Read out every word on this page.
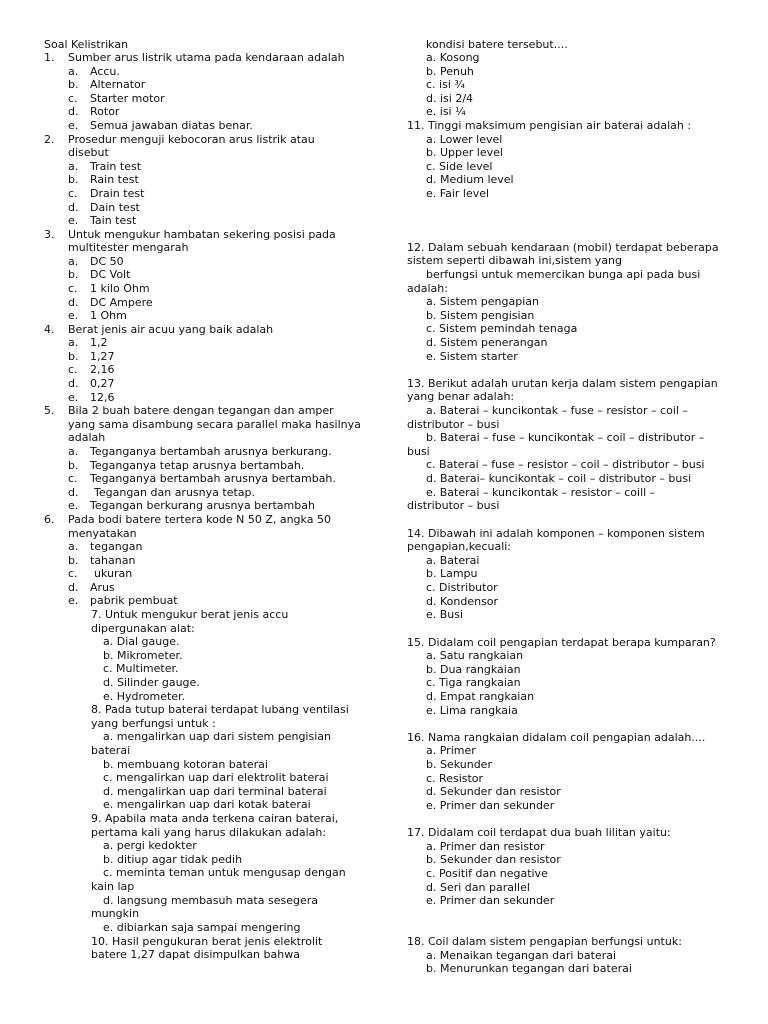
Soal Kelistrikan
1. Sumber arus listrik utama pada kendaraan adalah
a. Accu.
b. Alternator
c. Starter motor
d. Rotor
e. Semua jawaban diatas benar.
2. Prosedur menguji kebocoran arus listrik atau
disebut
a. Train test
b. Rain test
c. Drain test
d. Dain test
e. Tain test
3. Untuk mengukur hambatan sekering posisi pada
multitester mengarah
a. DC 50
b. DC Volt
c. 1 kilo Ohm
d. DC Ampere
e. 1 Ohm
4. Berat jenis air acuu yang baik adalah
a. 1,2
b. 1,27
c. 2,16
d. 0,27
e. 12,6
5. Bila 2 buah batere dengan tegangan dan amper
yang sama disambung secara parallel maka hasilnya
adalah
a. Teganganya bertambah arusnya berkurang.
b. Teganganya tetap arusnya bertambah.
c. Teganganya bertambah arusnya bertambah.
d. Tegangan dan arusnya tetap.
e. Tegangan berkurang arusnya bertambah
6. Pada bodi batere tertera kode N 50 Z, angka 50
menyatakan
a. tegangan
b. tahanan
c. ukuran
d. Arus
e. pabrik pembuat
7. Untuk mengukur berat jenis accu
dipergunakan alat:
a. Dial gauge.
b. Mikrometer.
c. Multimeter.
d. Silinder gauge.
e. Hydrometer.
8. Pada tutup baterai terdapat lubang ventilasi
yang berfungsi untuk :
a. mengalirkan uap dari sistem pengisian
baterai
b. membuang kotoran baterai
c. mengalirkan uap dari elektrolit baterai
d. mengalirkan uap dari terminal baterai
e. mengalirkan uap dari kotak baterai
9. Apabila mata anda terkena cairan baterai,
pertama kali yang harus dilakukan adalah:
a. pergi kedokter
b. ditiup agar tidak pedih
c. meminta teman untuk mengusap dengan
kain lap
d. langsung membasuh mata sesegera
mungkin
e. dibiarkan saja sampai mengering
10. Hasil pengukuran berat jenis elektrolit
batere 1,27 dapat disimpulkan bahwa
kondisi batere tersebut....
a. Kosong
b. Penuh
c. isi ¾
d. isi 2/4
e. isi ¼
11. Tinggi maksimum pengisian air baterai adalah :
a. Lower level
b. Upper level
c. Side level
d. Medium level
e. Fair level
12. Dalam sebuah kendaraan (mobil) terdapat beberapa
sistem seperti dibawah ini,sistem yang
berfungsi untuk memercikan bunga api pada busi
adalah:
a. Sistem pengapian
b. Sistem pengisian
c. Sistem pemindah tenaga
d. Sistem penerangan
e. Sistem starter
13. Berikut adalah urutan kerja dalam sistem pengapian
yang benar adalah:
a. Baterai – kuncikontak – fuse – resistor – coil –
distributor – busi
b. Baterai – fuse – kuncikontak – coil – distributor –
busi
c. Baterai – fuse – resistor – coil – distributor – busi
d. Baterai– kuncikontak – coil – distributor – busi
e. Baterai – kuncikontak – resistor – coill –
distributor – busi
14. Dibawah ini adalah komponen – komponen sistem
pengapian,kecuali:
a. Baterai
b. Lampu
c. Distributor
d. Kondensor
e. Busi
15. Didalam coil pengapian terdapat berapa kumparan?
a. Satu rangkaian
b. Dua rangkaian
c. Tiga rangkaian
d. Empat rangkaian
e. Lima rangkaia
16. Nama rangkaian didalam coil pengapian adalah....
a. Primer
b. Sekunder
c. Resistor
d. Sekunder dan resistor
e. Primer dan sekunder
17. Didalam coil terdapat dua buah lilitan yaitu:
a. Primer dan resistor
b. Sekunder dan resistor
c. Positif dan negative
d. Seri dan parallel
e. Primer dan sekunder
18. Coil dalam sistem pengapian berfungsi untuk:
a. Menaikan tegangan dari baterai
b. Menurunkan tegangan dari baterai
